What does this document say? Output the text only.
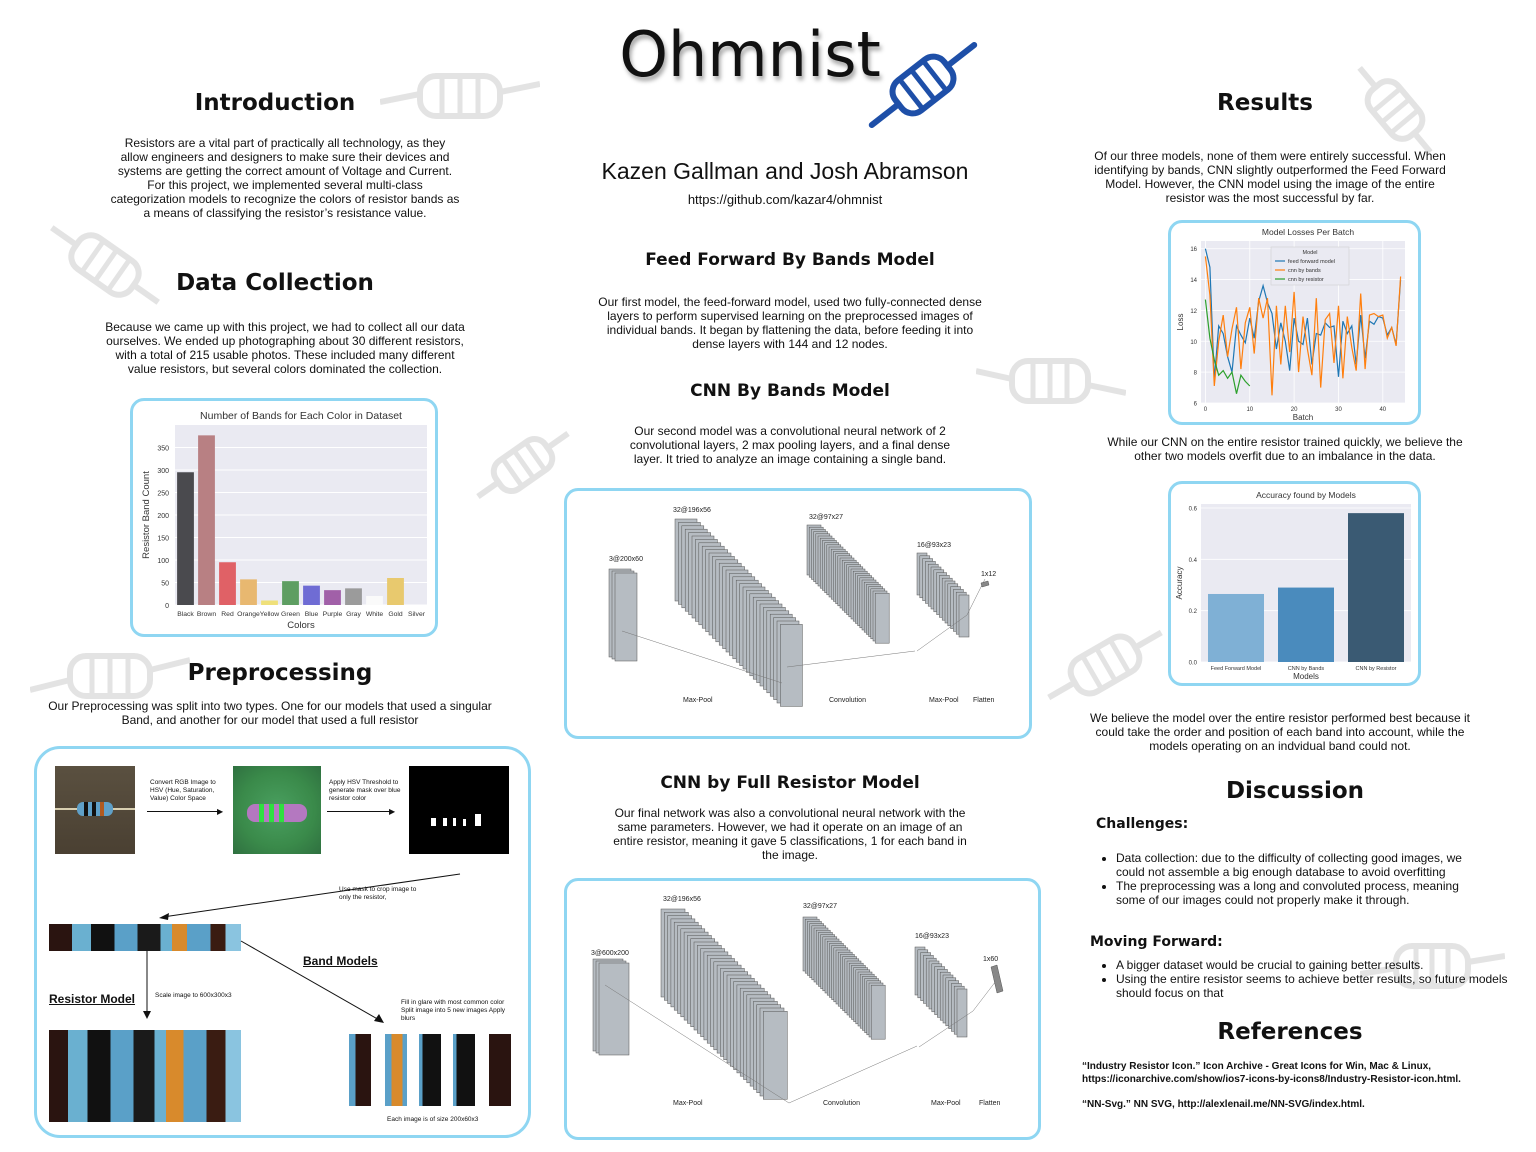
Ohmnist
Kazen Gallman and Josh Abramson
https://github.com/kazar4/ohmnist
Introduction
Resistors are a vital part of practically all technology, as they allow engineers and designers to make sure their devices and systems are getting the correct amount of Voltage and Current. For this project, we implemented several multi-class categorization models to recognize the colors of resistor bands as a means of classifying the resistor’s resistance value.
Data Collection
Because we came up with this project, we had to collect all our data ourselves. We ended up photographing about 30 different resistors, with a total of 215 usable photos. These included many different value resistors, but several colors dominated the collection.
Number of Bands for Each Color in Dataset
0
50
100
150
200
250
300
350
Black Brown Red Orange Yellow Green Blue Purple Gray White Gold Silver
Colors
Resistor Band Count
Preprocessing
Our Preprocessing was split into two types. One for our models that used a singular Band, and another for our model that used a full resistor
Convert RGB Image to HSV (Hue, Saturation, Value) Color Space
▶
Apply HSV Threshold to generate mask over blue resistor color
▶
Use mask to crop image to only the resistor,
Band Models
Resistor Model	Scale image to 600x300x3
Fill in glare with most common color Split image into 5 new images Apply blurs
Each image is of size 200x60x3
Feed Forward By Bands Model
Our first model, the feed-forward model, used two fully-connected dense layers to perform supervised learning on the preprocessed images of individual bands. It began by flattening the data, before feeding it into dense layers with 144 and 12 nodes.
CNN By Bands Model
Our second model was a convolutional neural network of 2 convolutional layers, 2 max pooling layers, and a final dense layer. It tried to analyze an image containing a single band.
3@200x60
32@196x56
32@97x27
16@93x23
1x12
Max-Pool	Convolution	Max-Pool Flatten
CNN by Full Resistor Model
Our final network was also a convolutional neural network with the same parameters. However, we had it operate on an image of an entire resistor, meaning it gave 5 classifications, 1 for each band in the image.
3@600x200
32@196x56
32@97x27
16@93x23
1x60
Max-Pool	Convolution	Max-Pool	Flatten
Results
Of our three models, none of them were entirely successful. When identifying by bands, CNN slightly outperformed the Feed Forward Model. However, the CNN model using the image of the entire resistor was the most successful by far.
Model Losses Per Batch
6
8
10
12
14
16
0	10	20	30	40
Model
feed forward model
cnn by bands
cnn by resistor
Batch
Loss
While our CNN on the entire resistor trained quickly, we believe the other two models overfit due to an imbalance in the data.
Accuracy found by Models
0.0
0.2
0.4
0.6
Feed Forward Model	CNN by Bands	CNN by Resistor
Models
Accuracy
We believe the model over the entire resistor performed best because it could take the order and position of each band into account, while the models operating on an indvidual band could not.
Discussion
Challenges:
• Data collection: due to the difficulty of collecting good images, we could not assemble a big enough database to avoid overfitting
• The preprocessing was a long and convoluted process, meaning some of our images could not properly make it through.
Moving Forward:
• A bigger dataset would be crucial to gaining better results.
• Using the entire resistor seems to achieve better results, so future models should focus on that
References
“Industry Resistor Icon.” Icon Archive - Great Icons for Win, Mac & Linux, https://iconarchive.com/show/ios7-icons-by-icons8/Industry-Resistor-icon.html.
“NN-Svg.” NN SVG, http://alexlenail.me/NN-SVG/index.html.
